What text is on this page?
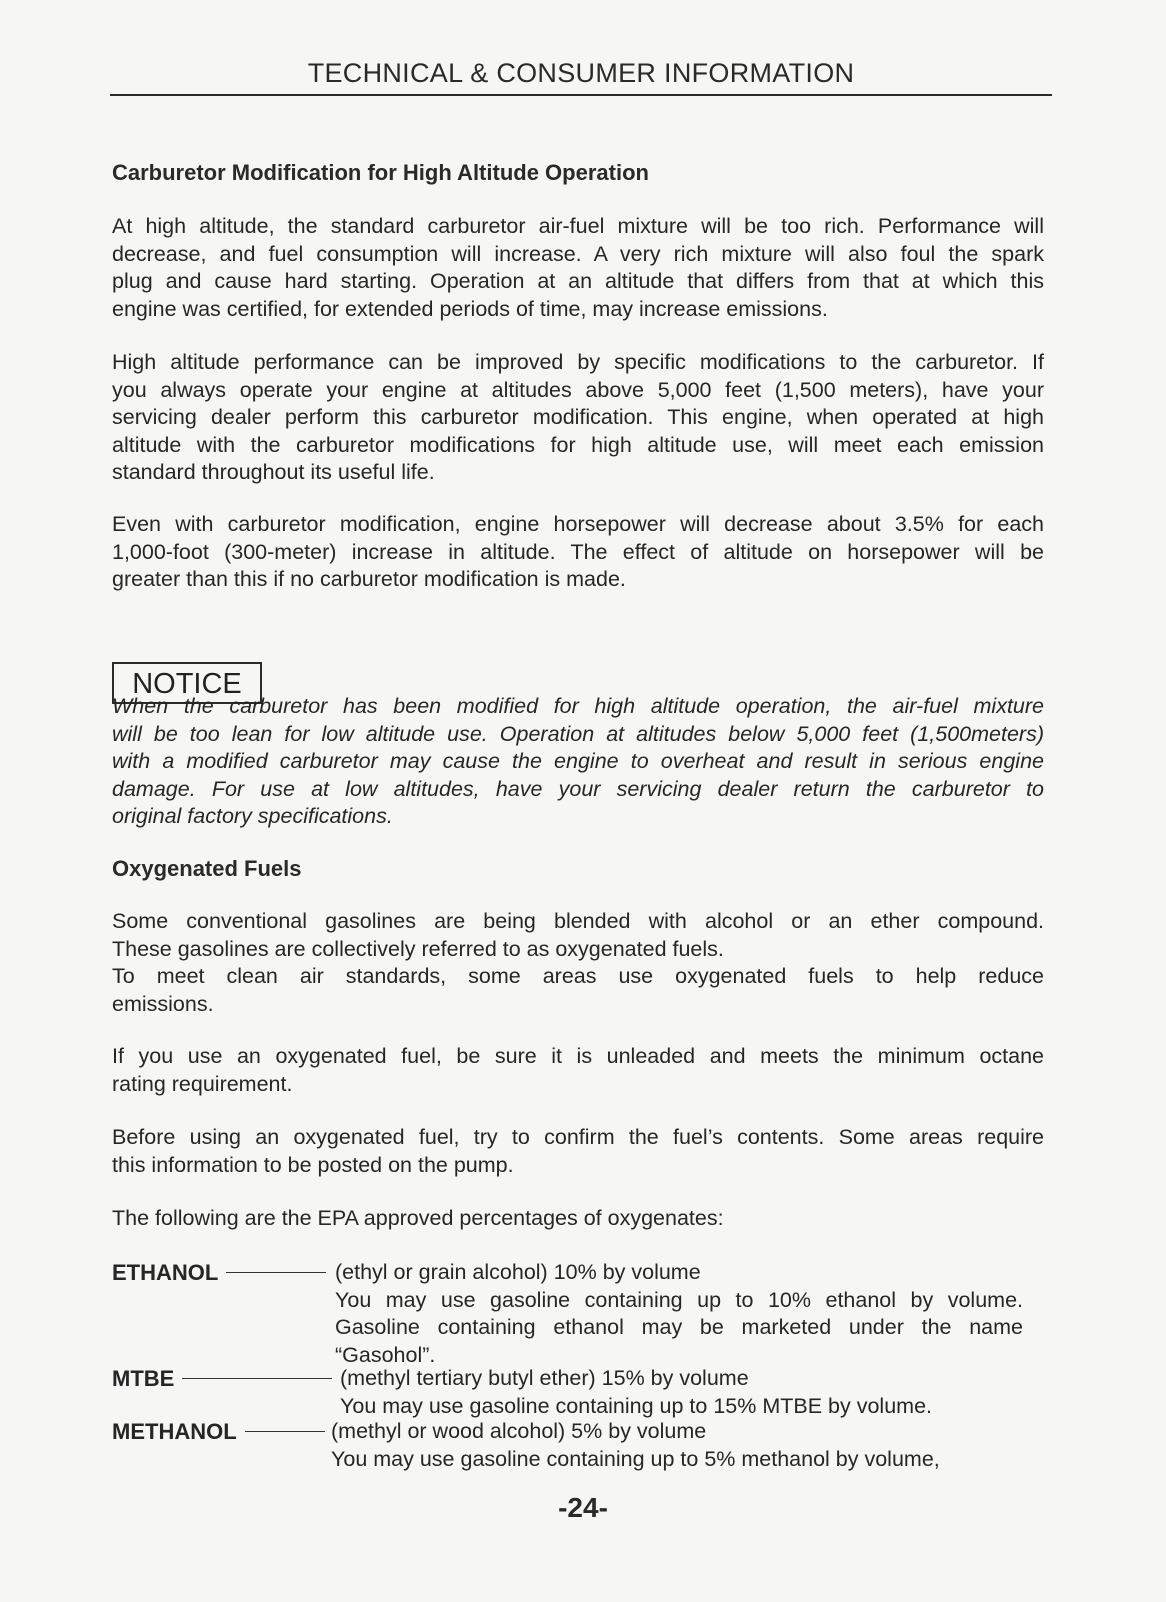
TECHNICAL & CONSUMER INFORMATION
Carburetor Modification for High Altitude Operation
At high altitude, the standard carburetor air-fuel mixture will be too rich. Performance will
decrease, and fuel consumption will increase. A very rich mixture will also foul the spark
plug and cause hard starting. Operation at an altitude that differs from that at which this
engine was certified, for extended periods of time, may increase emissions.
High altitude performance can be improved by specific modifications to the carburetor. If
you always operate your engine at altitudes above 5,000 feet (1,500 meters), have your
servicing dealer perform this carburetor modification. This engine, when operated at high
altitude with the carburetor modifications for high altitude use, will meet each emission
standard throughout its useful life.
Even with carburetor modification, engine horsepower will decrease about 3.5% for each
1,000-foot (300-meter) increase in altitude. The effect of altitude on horsepower will be
greater than this if no carburetor modification is made.
NOTICE
When the carburetor has been modified for high altitude operation, the air-fuel mixture
will be too lean for low altitude use. Operation at altitudes below 5,000 feet (1,500meters)
with a modified carburetor may cause the engine to overheat and result in serious engine
damage. For use at low altitudes, have your servicing dealer return the carburetor to
original factory specifications.
Oxygenated Fuels
Some conventional gasolines are being blended with alcohol or an ether compound.
These gasolines are collectively referred to as oxygenated fuels.
To meet clean air standards, some areas use oxygenated fuels to help reduce
emissions.
If you use an oxygenated fuel, be sure it is unleaded and meets the minimum octane
rating requirement.
Before using an oxygenated fuel, try to confirm the fuel’s contents. Some areas require
this information to be posted on the pump.
The following are the EPA approved percentages of oxygenates:
ETHANOL	(ethyl or grain alcohol) 10% by volume
You may use gasoline containing up to 10% ethanol by volume.
Gasoline containing ethanol may be marketed under the name
“Gasohol”.
MTBE	(methyl tertiary butyl ether) 15% by volume
You may use gasoline containing up to 15% MTBE by volume.
METHANOL	(methyl or wood alcohol) 5% by volume
You may use gasoline containing up to 5% methanol by volume,
-24-
